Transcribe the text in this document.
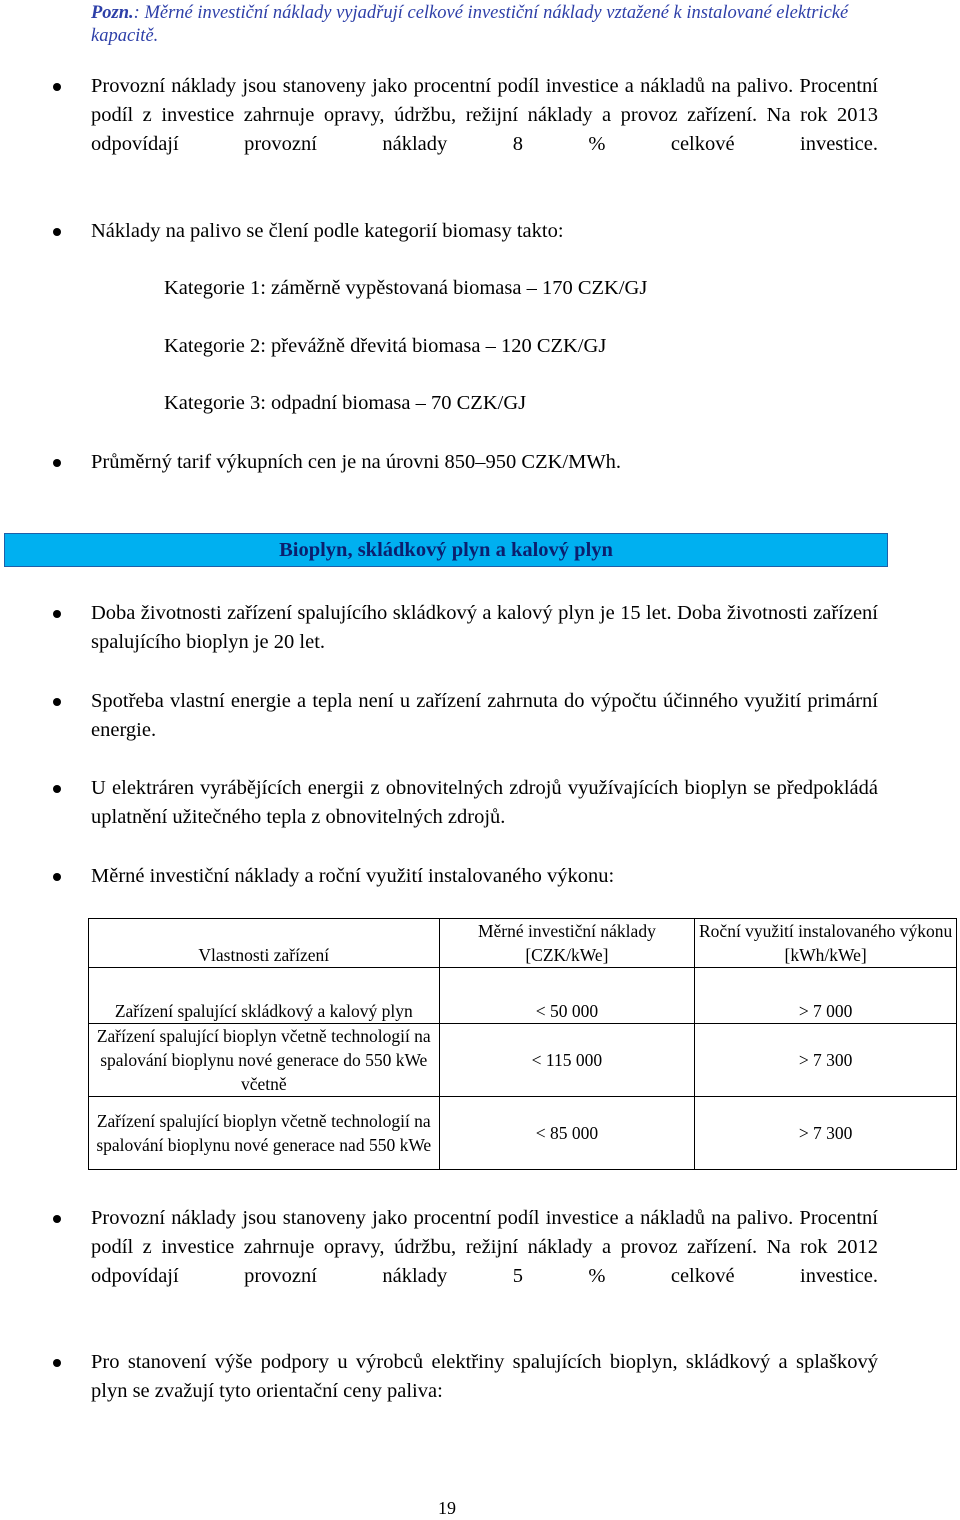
Pozn.: Měrné investiční náklady vyjadřují celkové investiční náklady vztažené k instalované elektrické kapacitě.
Provozní náklady jsou stanoveny jako procentní podíl investice a nákladů na palivo. Procentní podíl z investice zahrnuje opravy, údržbu, režijní náklady a provoz zařízení. Na rok 2013 odpovídají provozní náklady 8 % celkové investice.
Náklady na palivo se člení podle kategorií biomasy takto:
Kategorie 1: záměrně vypěstovaná biomasa – 170 CZK/GJ
Kategorie 2: převážně dřevitá biomasa – 120 CZK/GJ
Kategorie 3: odpadní biomasa – 70 CZK/GJ
Průměrný tarif výkupních cen je na úrovni 850–950 CZK/MWh.
Bioplyn, skládkový plyn a kalový plyn
Doba životnosti zařízení spalujícího skládkový a kalový plyn je 15 let. Doba životnosti zařízení spalujícího bioplyn je 20 let.
Spotřeba vlastní energie a tepla není u zařízení zahrnuta do výpočtu účinného využití primární energie.
U elektráren vyrábějících energii z obnovitelných zdrojů využívajících bioplyn se předpokládá uplatnění užitečného tepla z obnovitelných zdrojů.
Měrné investiční náklady a roční využití instalovaného výkonu:
Vlastnosti zařízení	Měrné investiční náklady [CZK/kWe]	Roční využití instalovaného výkonu [kWh/kWe]
Zařízení spalující skládkový a kalový plyn	< 50 000	> 7 000
Zařízení spalující bioplyn včetně technologií na spalování bioplynu nové generace do 550 kWe včetně	< 115 000	> 7 300
Zařízení spalující bioplyn včetně technologií na spalování bioplynu nové generace nad 550 kWe	< 85 000	> 7 300
Provozní náklady jsou stanoveny jako procentní podíl investice a nákladů na palivo. Procentní podíl z investice zahrnuje opravy, údržbu, režijní náklady a provoz zařízení. Na rok 2012 odpovídají provozní náklady 5 % celkové investice.
Pro stanovení výše podpory u výrobců elektřiny spalujících bioplyn, skládkový a splaškový plyn se zvažují tyto orientační ceny paliva:
19
